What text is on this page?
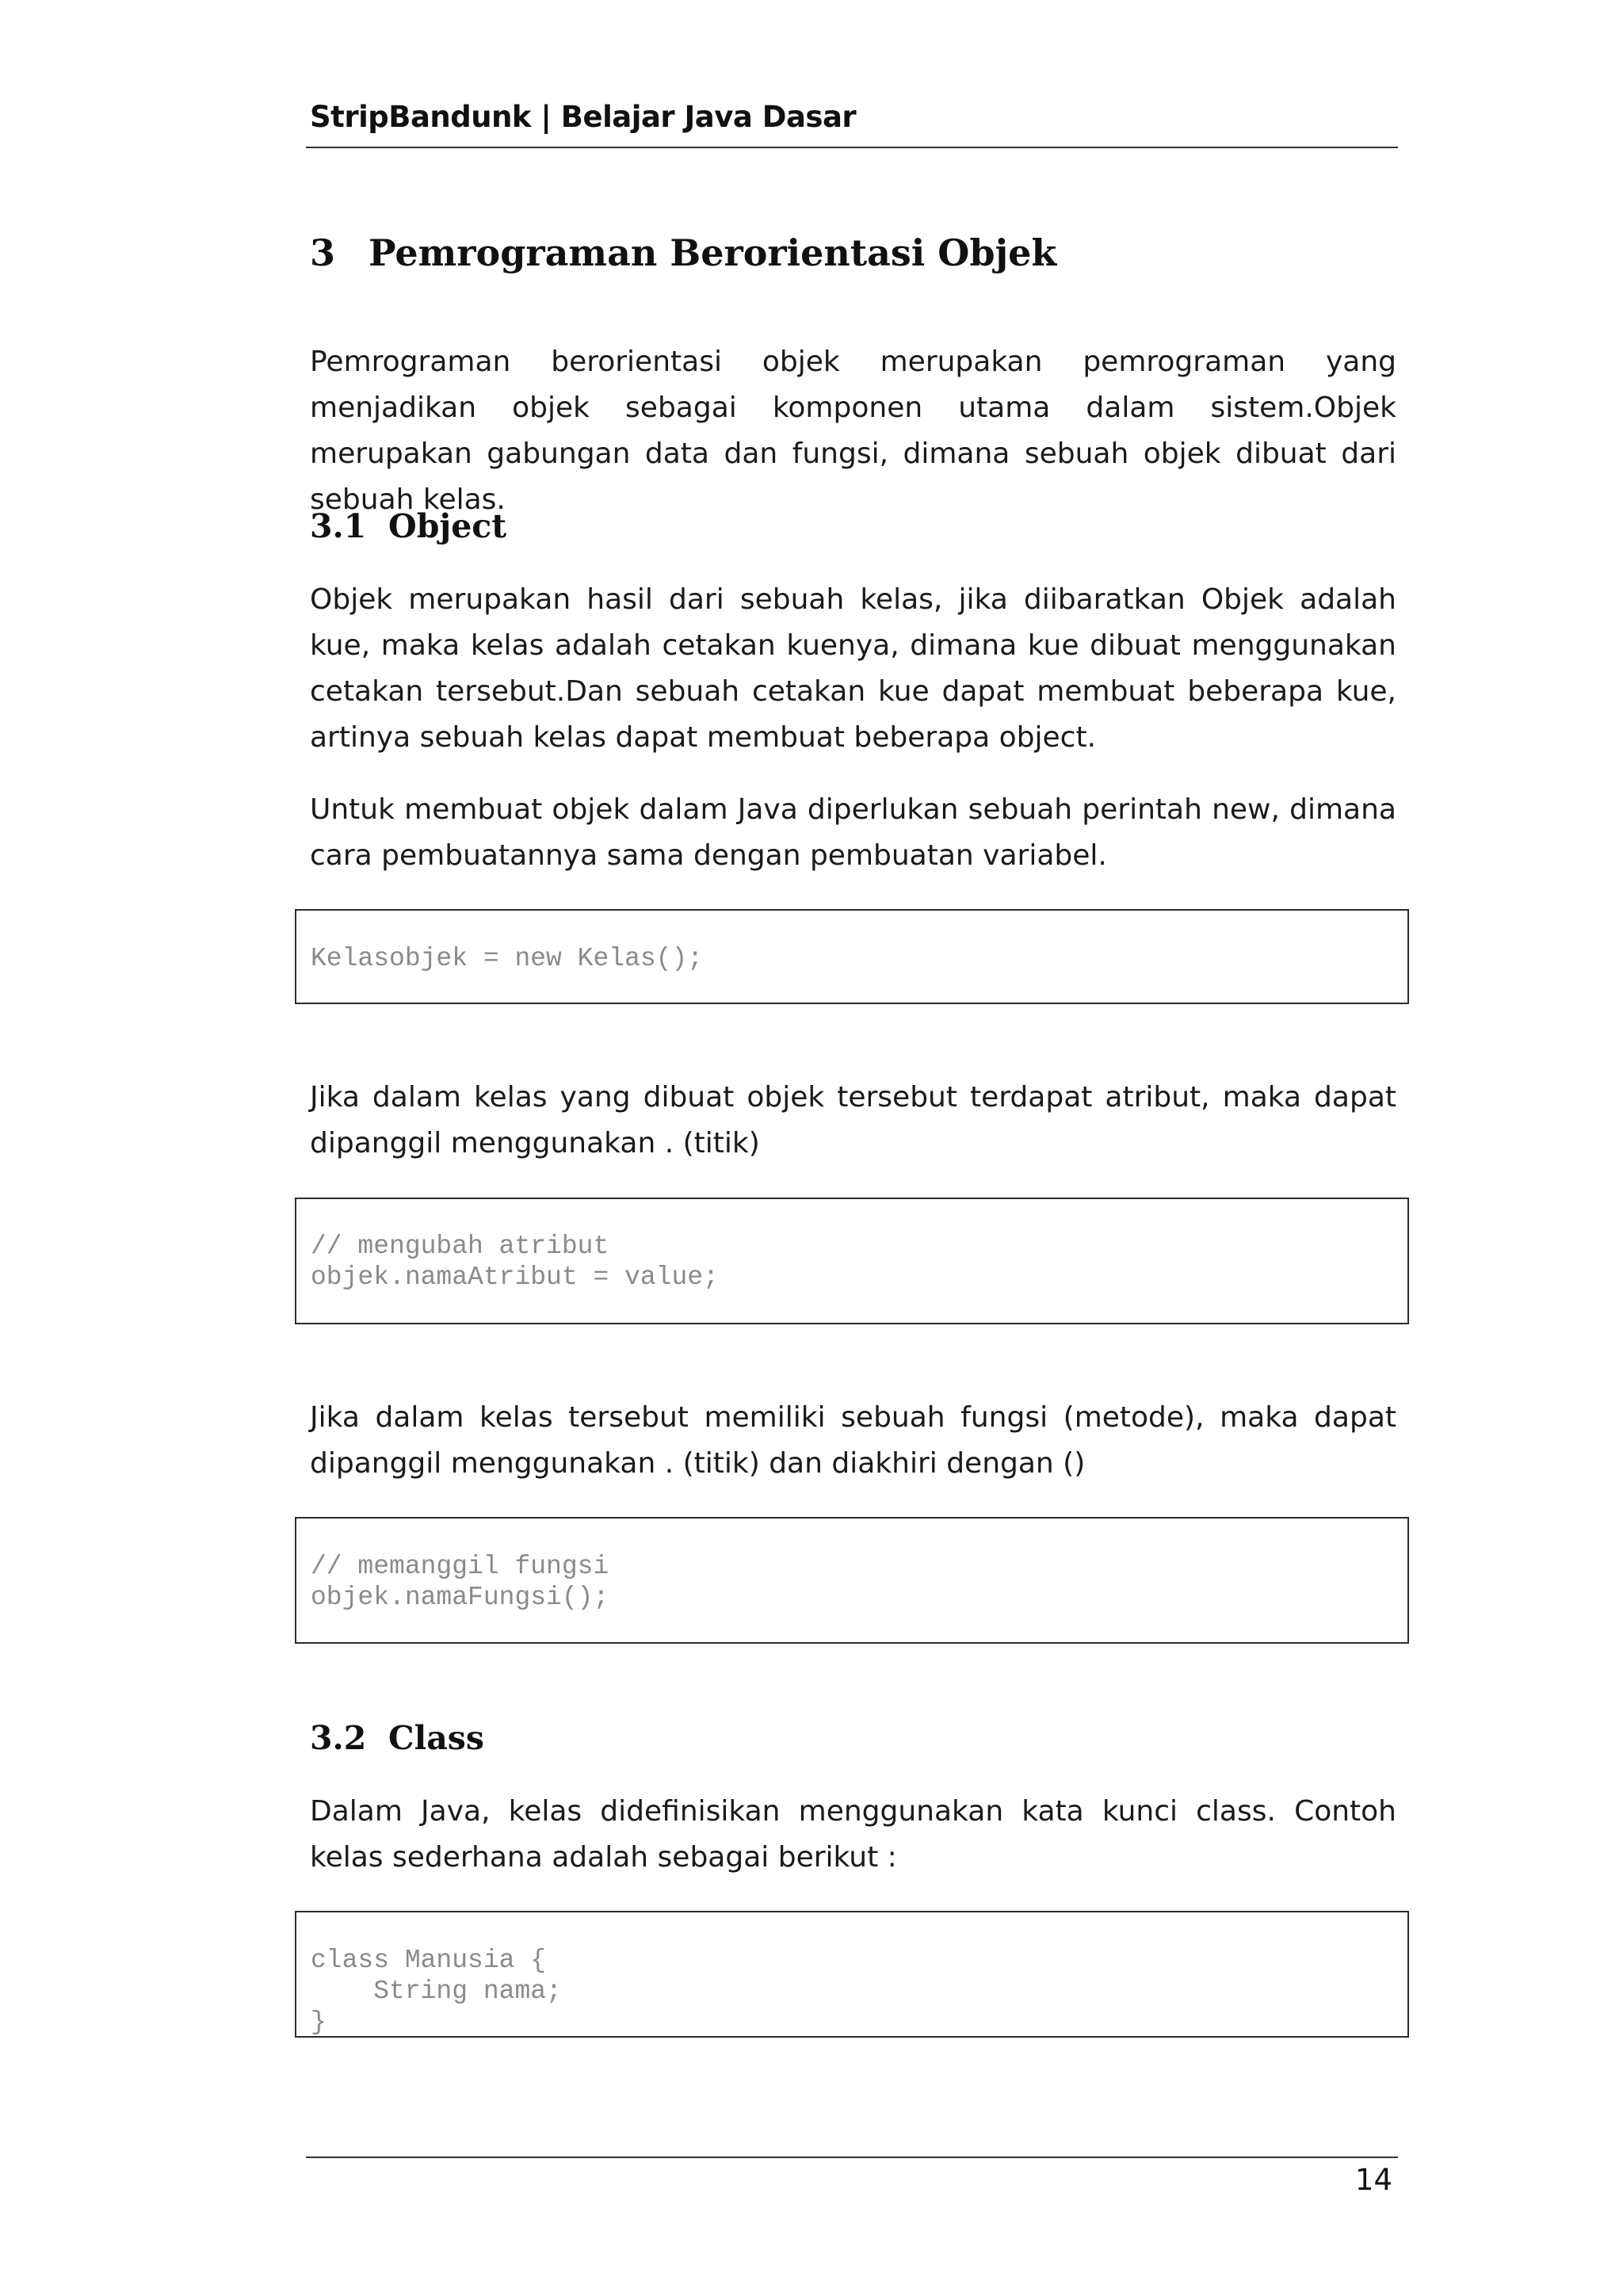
StripBandunk | Belajar Java Dasar
3 Pemrograman Berorientasi Objek

Pemrograman berorientasi objek merupakan pemrograman yang menjadikan objek sebagai komponen utama dalam sistem.Objek merupakan gabungan data dan fungsi, dimana sebuah objek dibuat dari sebuah kelas.

3.1 Object

Objek merupakan hasil dari sebuah kelas, jika diibaratkan Objek adalah kue, maka kelas adalah cetakan kuenya, dimana kue dibuat menggunakan cetakan tersebut.Dan sebuah cetakan kue dapat membuat beberapa kue, artinya sebuah kelas dapat membuat beberapa object.

Untuk membuat objek dalam Java diperlukan sebuah perintah new, dimana cara pembuatannya sama dengan pembuatan variabel.

Kelasobjek = new Kelas();

Jika dalam kelas yang dibuat objek tersebut terdapat atribut, maka dapat dipanggil menggunakan . (titik)

// mengubah atribut
objek.namaAtribut = value;

Jika dalam kelas tersebut memiliki sebuah fungsi (metode), maka dapat dipanggil menggunakan . (titik) dan diakhiri dengan ()

// memanggil fungsi
objek.namaFungsi();
3.2 Class

Dalam Java, kelas didefinisikan menggunakan kata kunci class. Contoh kelas sederhana adalah sebagai berikut :

class Manusia {
String nama;
}
14
